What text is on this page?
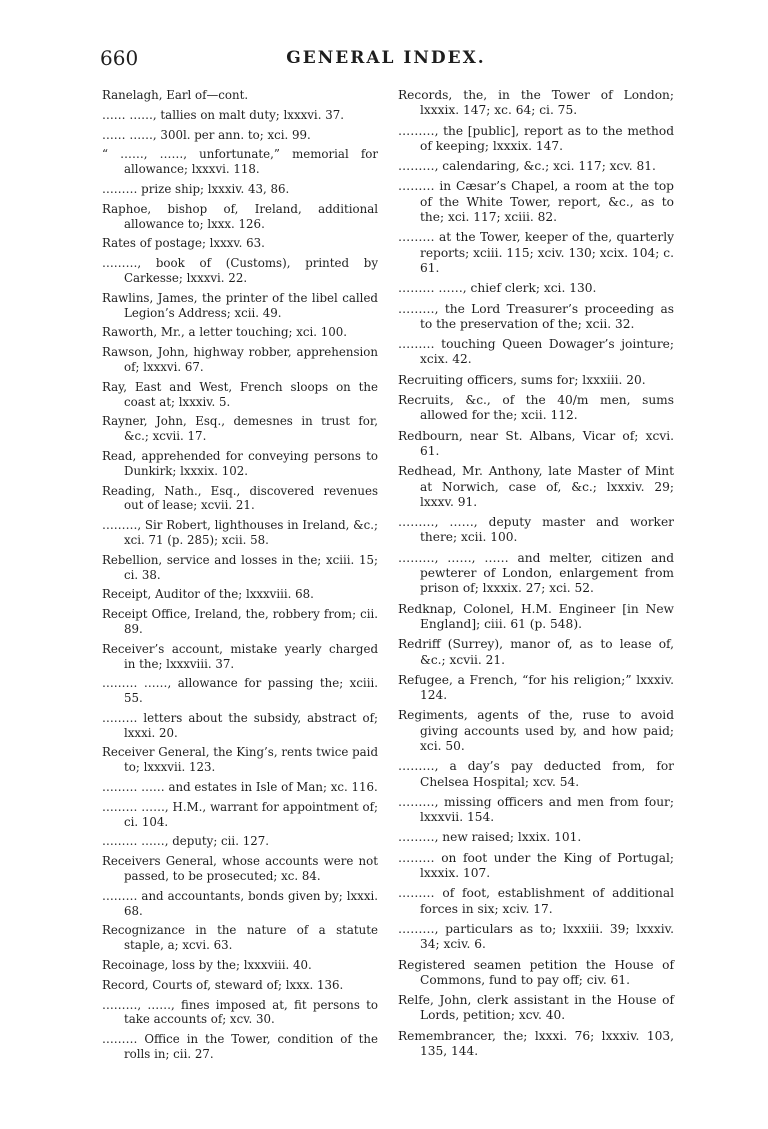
660	GENERAL INDEX.

Ranelagh, Earl of—cont.

…… ……, tallies on malt duty; lxxxvi. 37.

…… ……, 300l. per ann. to; xci. 99.

“ ……, ……, unfortunate,” memorial for allowance; lxxxvi. 118.

……… prize ship; lxxxiv. 43, 86.

Raphoe, bishop of, Ireland, additional allowance to; lxxx. 126.

Rates of postage; lxxxv. 63.

………, book of (Customs), printed by Carkesse; lxxxvi. 22.

Rawlins, James, the printer of the libel called Legion’s Address; xcii. 49.

Raworth, Mr., a letter touching; xci. 100.

Rawson, John, highway robber, apprehension of; lxxxvi. 67.

Ray, East and West, French sloops on the coast at; lxxxiv. 5.

Rayner, John, Esq., demesnes in trust for, &c.; xcvii. 17.

Read, apprehended for conveying persons to Dunkirk; lxxxix. 102.

Reading, Nath., Esq., discovered revenues out of lease; xcvii. 21.

………, Sir Robert, lighthouses in Ireland, &c.; xci. 71 (p. 285); xcii. 58.

Rebellion, service and losses in the; xciii. 15; ci. 38.

Receipt, Auditor of the; lxxxviii. 68.

Receipt Office, Ireland, the, robbery from; cii. 89.

Receiver’s account, mistake yearly charged in the; lxxxviii. 37.

……… ……, allowance for passing the; xciii. 55.

……… letters about the subsidy, abstract of; lxxxi. 20.

Receiver General, the King’s, rents twice paid to; lxxxvii. 123.

……… …… and estates in Isle of Man; xc. 116.

……… ……, H.M., warrant for appointment of; ci. 104.

……… ……, deputy; cii. 127.

Receivers General, whose accounts were not passed, to be prosecuted; xc. 84.

……… and accountants, bonds given by; lxxxi. 68.

Recognizance in the nature of a statute staple, a; xcvi. 63.

Recoinage, loss by the; lxxxviii. 40.

Record, Courts of, steward of; lxxx. 136.

………, ……, fines imposed at, fit persons to take accounts of; xcv. 30.

……… Office in the Tower, condition of the rolls in; cii. 27.

Records, the, in the Tower of London; lxxxix. 147; xc. 64; ci. 75.

………, the [public], report as to the method of keeping; lxxxix. 147.

………, calendaring, &c.; xci. 117; xcv. 81.

……… in Cæsar’s Chapel, a room at the top of the White Tower, report, &c., as to the; xci. 117; xciii. 82.

……… at the Tower, keeper of the, quarterly reports; xciii. 115; xciv. 130; xcix. 104; c. 61.

……… ……, chief clerk; xci. 130.

………, the Lord Treasurer’s proceeding as to the preservation of the; xcii. 32.

……… touching Queen Dowager’s jointure; xcix. 42.

Recruiting officers, sums for; lxxxiii. 20.

Recruits, &c., of the 40/m men, sums allowed for the; xcii. 112.

Redbourn, near St. Albans, Vicar of; xcvi. 61.

Redhead, Mr. Anthony, late Master of Mint at Norwich, case of, &c.; lxxxiv. 29; lxxxv. 91.

………, ……, deputy master and worker there; xcii. 100.

………, ……, …… and melter, citizen and pewterer of London, enlargement from prison of; lxxxix. 27; xci. 52.

Redknap, Colonel, H.M. Engineer [in New England]; ciii. 61 (p. 548).

Redriff (Surrey), manor of, as to lease of, &c.; xcvii. 21.

Refugee, a French, “for his religion;” lxxxiv. 124.

Regiments, agents of the, ruse to avoid giving accounts used by, and how paid; xci. 50.

………, a day’s pay deducted from, for Chelsea Hospital; xcv. 54.

………, missing officers and men from four; lxxxvii. 154.

………, new raised; lxxix. 101.

……… on foot under the King of Portugal; lxxxix. 107.

……… of foot, establishment of additional forces in six; xciv. 17.

………, particulars as to; lxxxiii. 39; lxxxiv. 34; xciv. 6.

Registered seamen petition the House of Commons, fund to pay off; civ. 61.

Relfe, John, clerk assistant in the House of Lords, petition; xcv. 40.

Remembrancer, the; lxxxi. 76; lxxxiv. 103, 135, 144.
